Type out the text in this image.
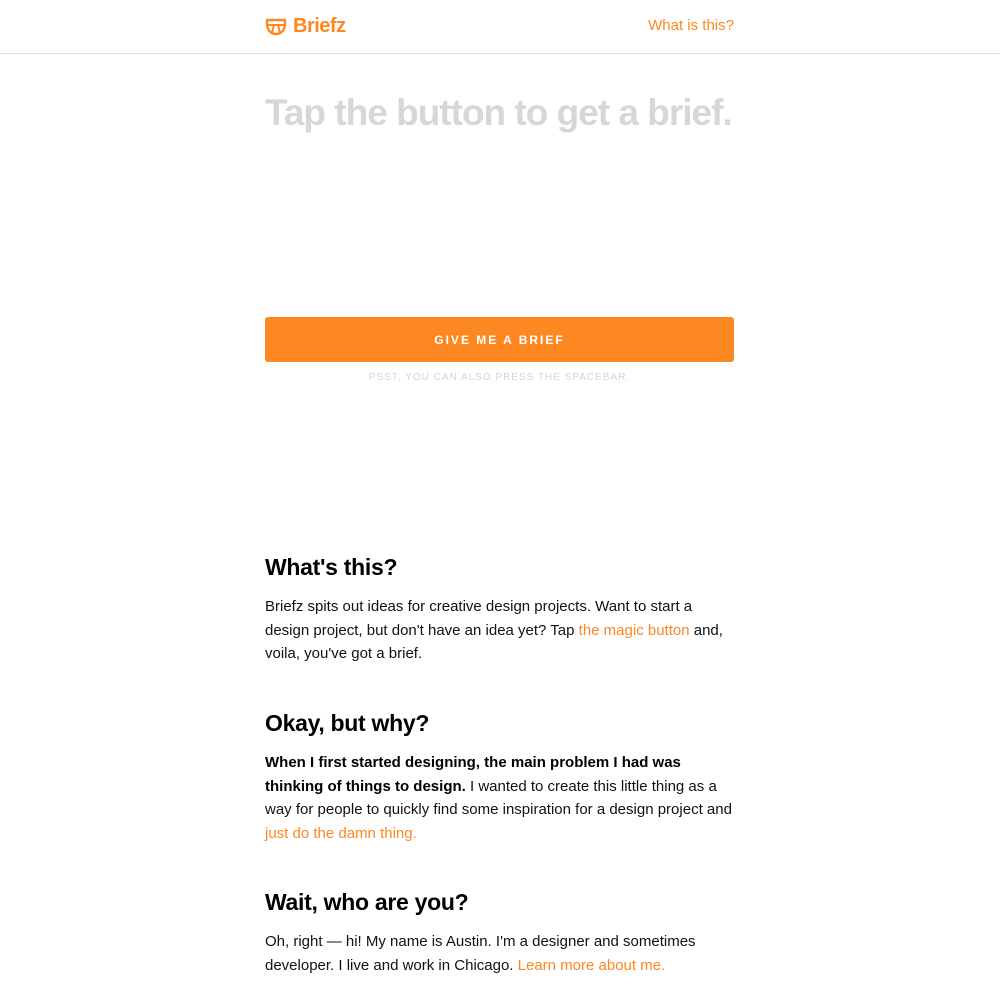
Briefz	What is this?
Tap the button to get a brief.
GIVE ME A BRIEF
PSST, YOU CAN ALSO PRESS THE SPACEBAR.
What's this?

Briefz spits out ideas for creative design projects. Want to start a design project, but don't have an idea yet? Tap the magic button and, voila, you've got a brief.

Okay, but why?

When I first started designing, the main problem I had was thinking of things to design. I wanted to create this little thing as a way for people to quickly find some inspiration for a design project and just do the damn thing.

Wait, who are you?

Oh, right — hi! My name is Austin. I'm a designer and sometimes developer. I live and work in Chicago. Learn more about me.
